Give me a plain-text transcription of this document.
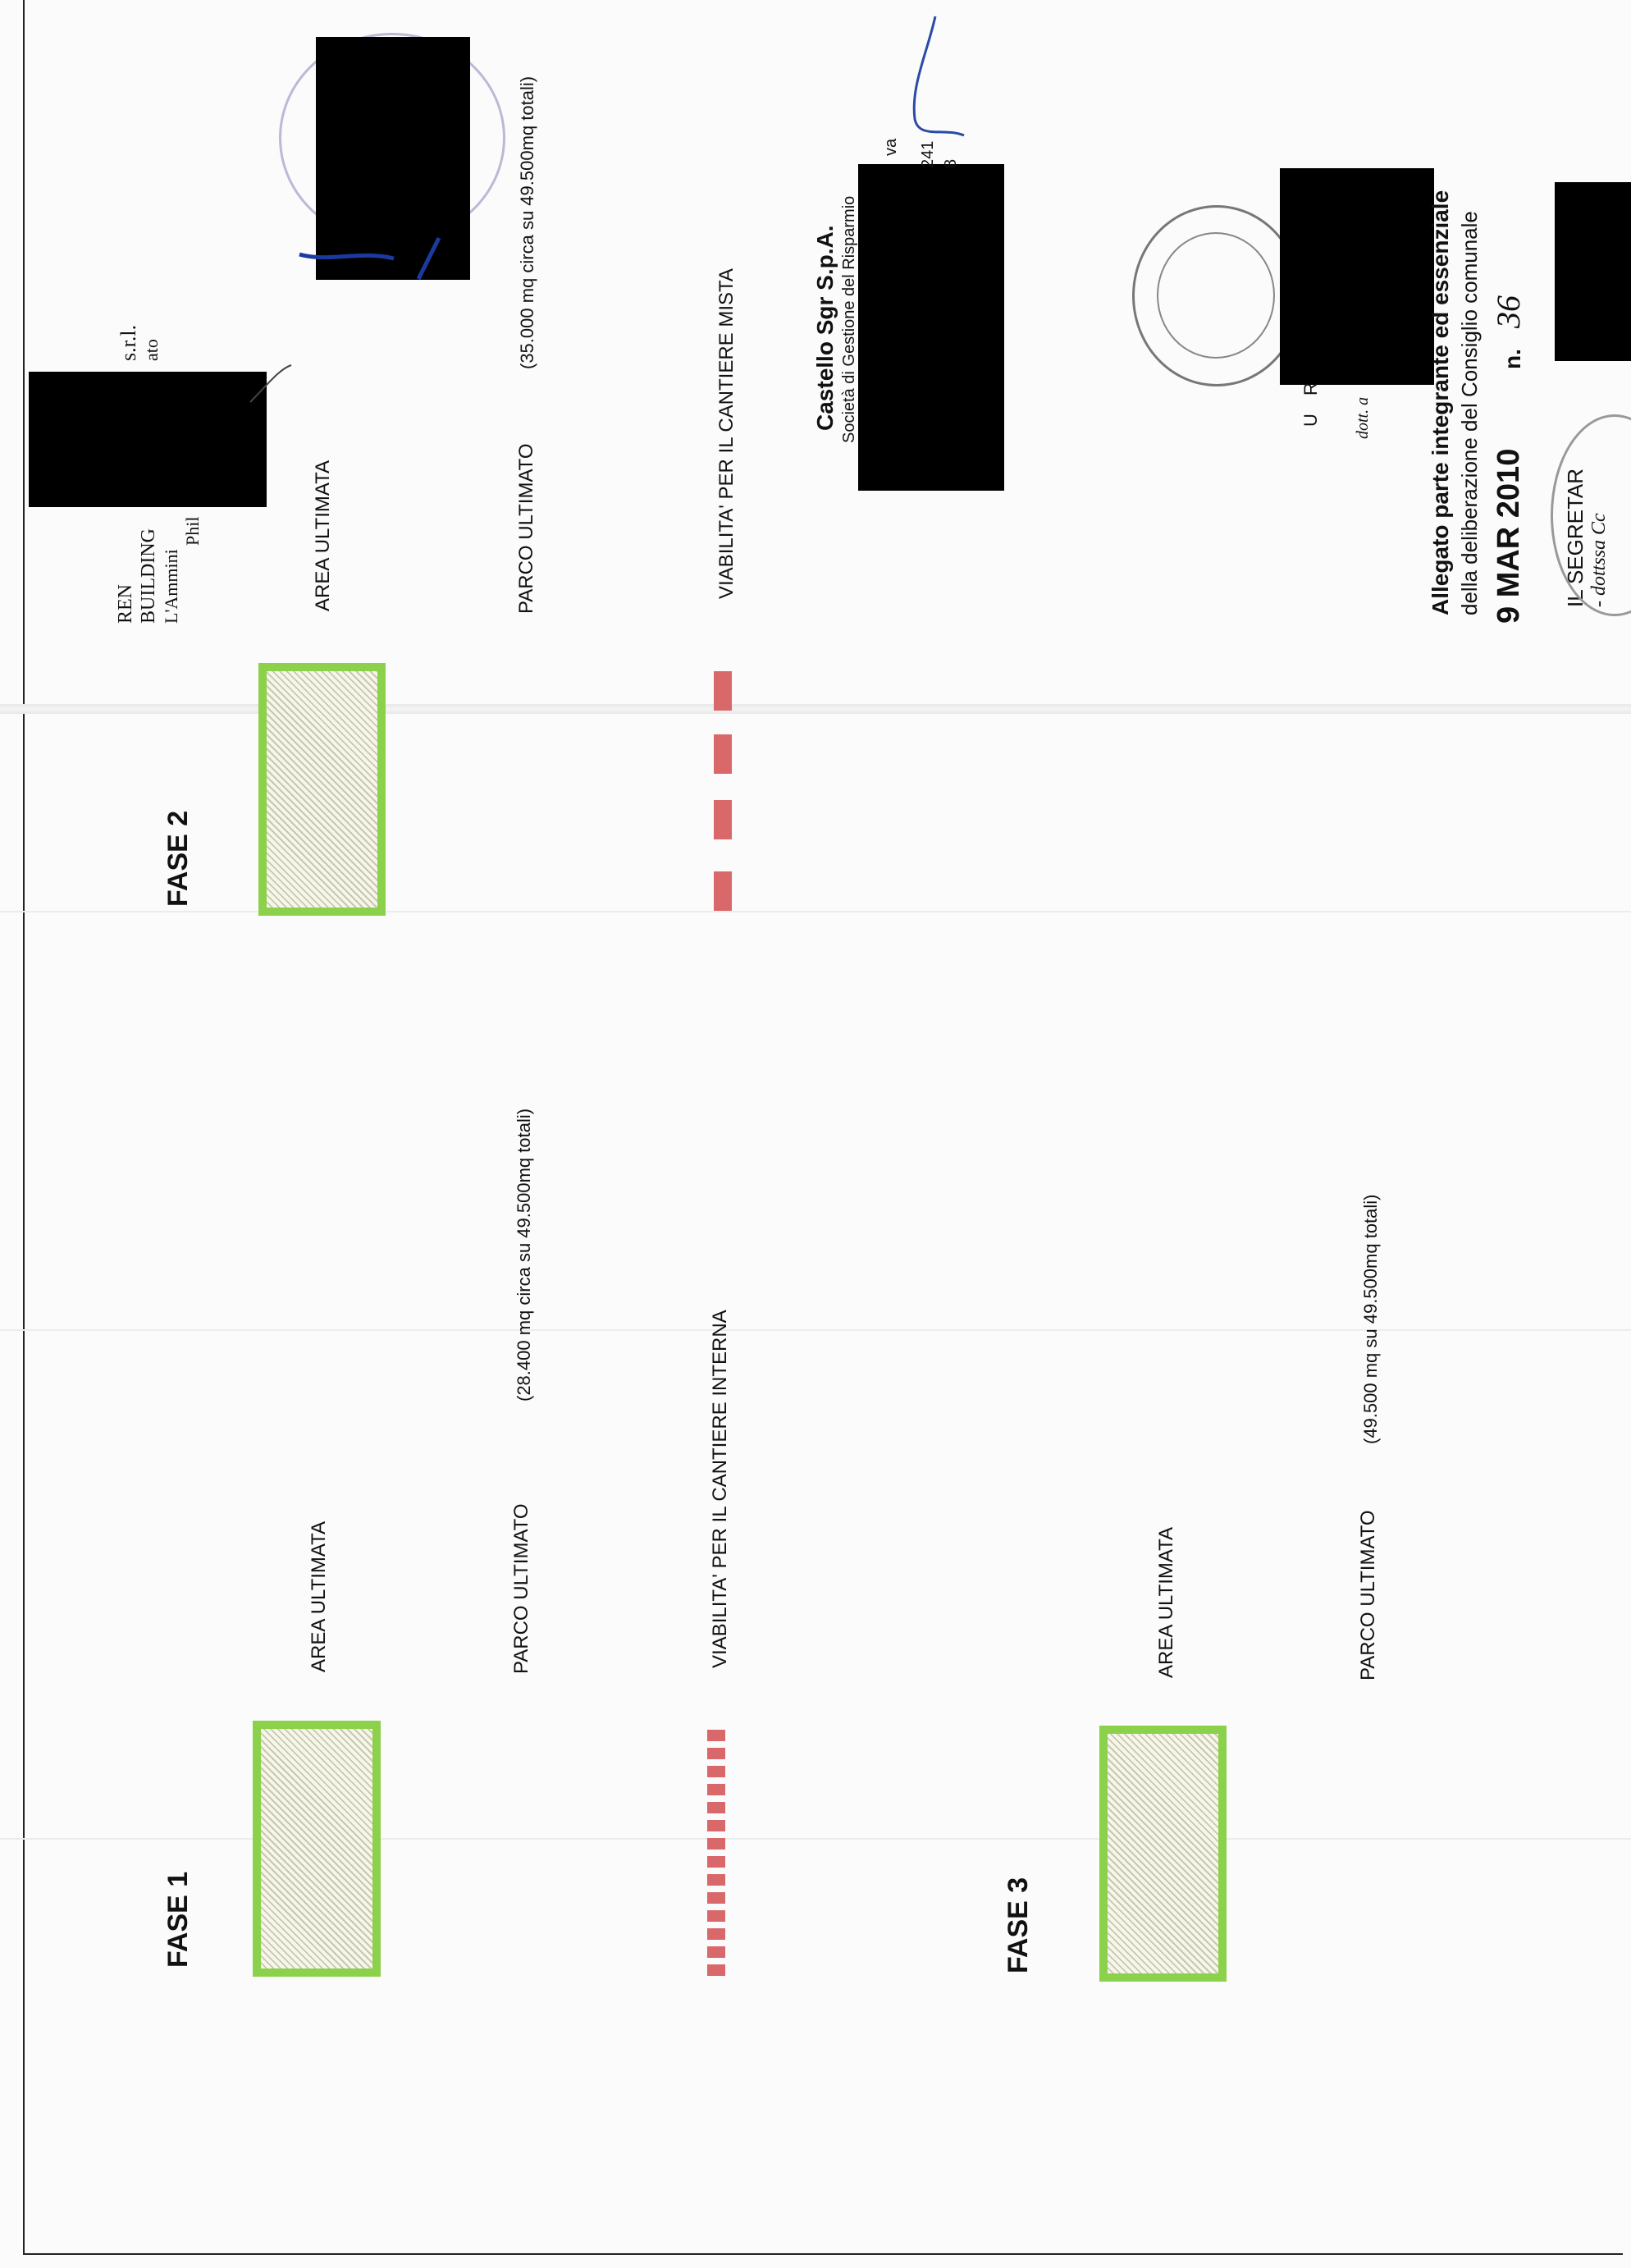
REN BUILDING L'Ammini
Phil
s.r.l. ato
FASE 2
AREA ULTIMATA	PARCO ULTIMATO
(35.000 mq circa su 49.500mq totali)
VIABILITA' PER IL CANTIERE MISTA	Castello Sgr S.p.A. Società di Gestione del Risparmio
va 241 8
U R dott. a Allegato parte integrante ed essenziale della deliberazione del Consiglio comunale 9 MAR 2010
n.
36
IL SEGRETAR - dottssa Cc
FASE 1
AREA ULTIMATA	PARCO ULTIMATO
(28.400 mq circa su 49.500mq totali)
VIABILITA' PER IL CANTIERE INTERNA
FASE 3
AREA ULTIMATA	PARCO ULTIMATO
(49.500 mq su 49.500mq totali)
